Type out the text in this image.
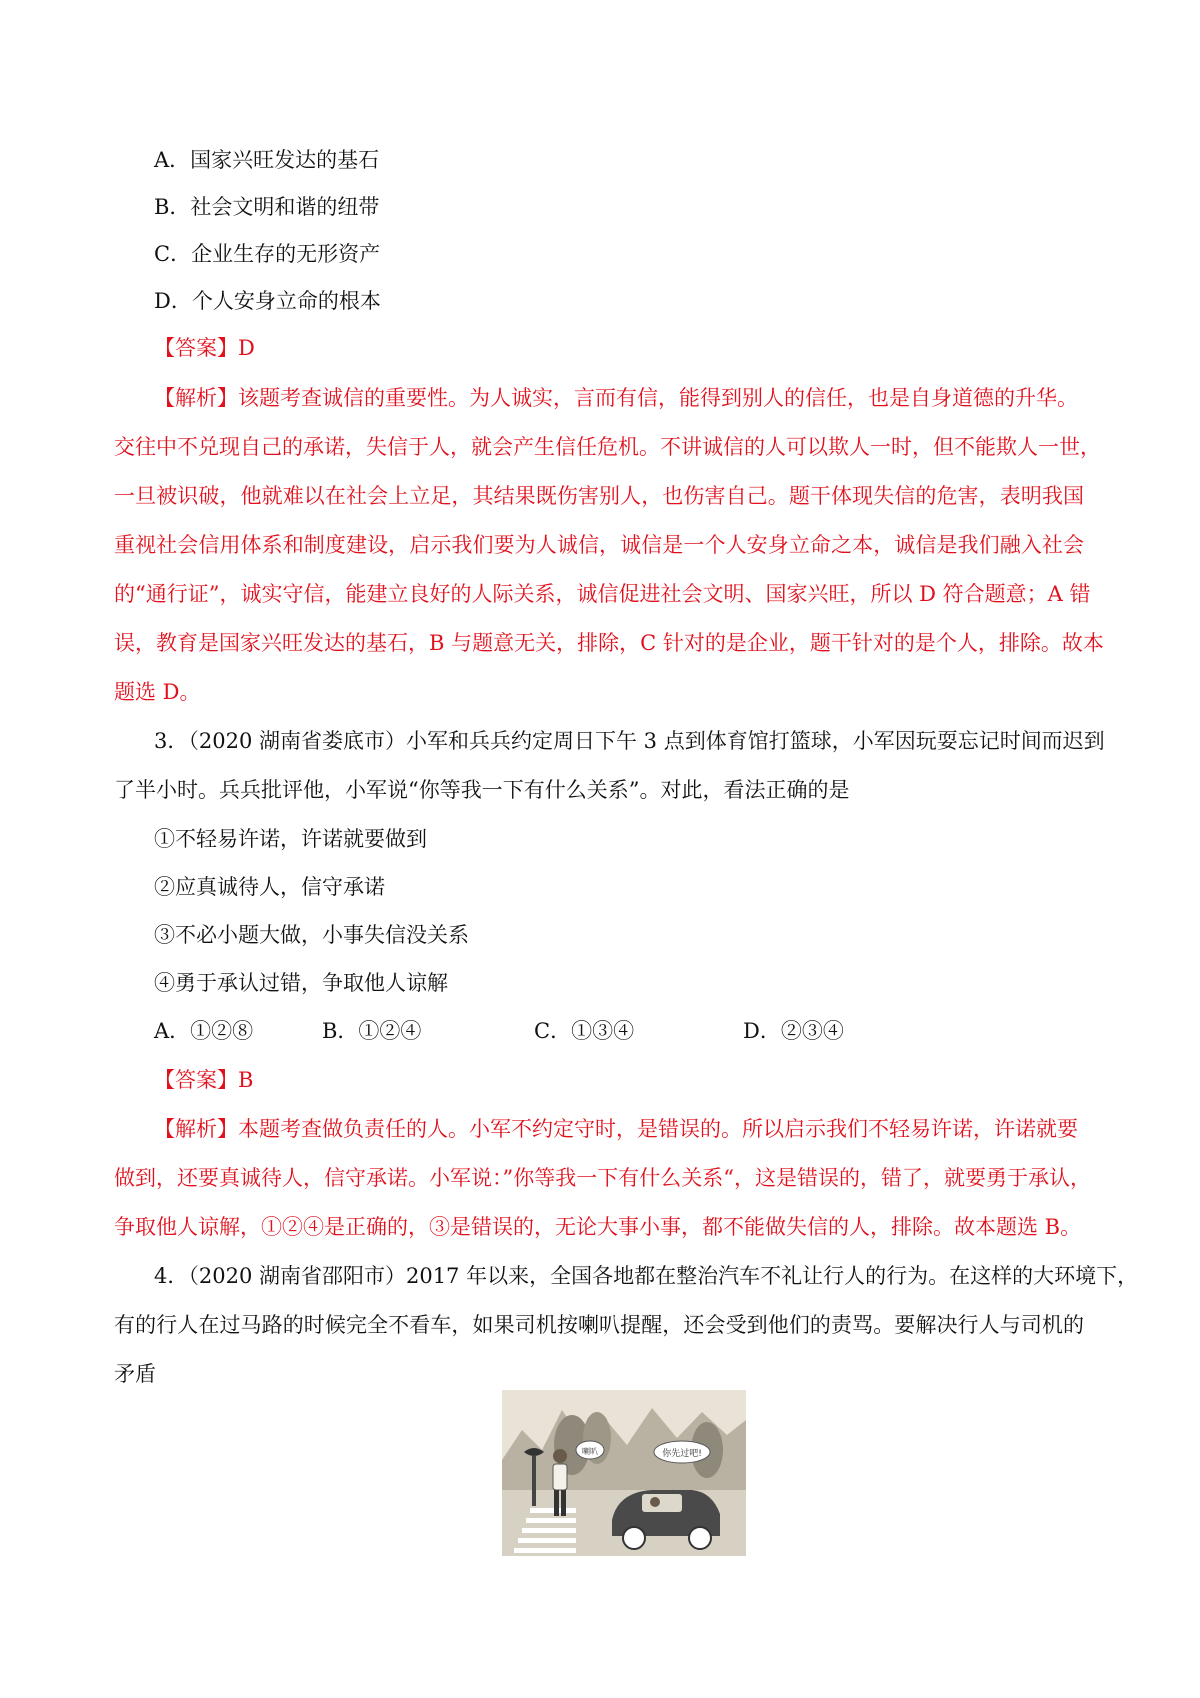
A．国家兴旺发达的基石
B．社会文明和谐的纽带
C．企业生存的无形资产
D．个人安身立命的根本
【答案】D
【解析】该题考查诚信的重要性。为人诚实，言而有信，能得到别人的信任，也是自身道德的升华。
交往中不兑现自己的承诺，失信于人，就会产生信任危机。不讲诚信的人可以欺人一时，但不能欺人一世，
一旦被识破，他就难以在社会上立足，其结果既伤害别人，也伤害自己。题干体现失信的危害，表明我国
重视社会信用体系和制度建设，启示我们要为人诚信，诚信是一个人安身立命之本，诚信是我们融入社会
的“通行证”，诚实守信，能建立良好的人际关系，诚信促进社会文明、国家兴旺，所以 D 符合题意；A 错
误，教育是国家兴旺发达的基石，B 与题意无关，排除，C 针对的是企业，题干针对的是个人，排除。故本
题选 D。
3．（2020 湖南省娄底市）小军和兵兵约定周日下午 3 点到体育馆打篮球，小军因玩耍忘记时间而迟到
了半小时。兵兵批评他，小军说“你等我一下有什么关系”。对此，看法正确的是
①不轻易许诺，许诺就要做到
②应真诚待人，信守承诺
③不必小题大做，小事失信没关系
④勇于承认过错，争取他人谅解
A．①②⑧	B．①②④	C．①③④	D．②③④
【答案】B
【解析】本题考查做负责任的人。小军不约定守时，是错误的。所以启示我们不轻易许诺，许诺就要
做到，还要真诚待人，信守承诺。小军说：”你等我一下有什么关系“，这是错误的，错了，就要勇于承认，
争取他人谅解，①②④是正确的，③是错误的，无论大事小事，都不能做失信的人，排除。故本题选 B。
4．（2020 湖南省邵阳市）2017 年以来，全国各地都在整治汽车不礼让行人的行为。在这样的大环境下，
有的行人在过马路的时候完全不看车，如果司机按喇叭提醒，还会受到他们的责骂。要解决行人与司机的
矛盾
喇叭	你先过吧!
